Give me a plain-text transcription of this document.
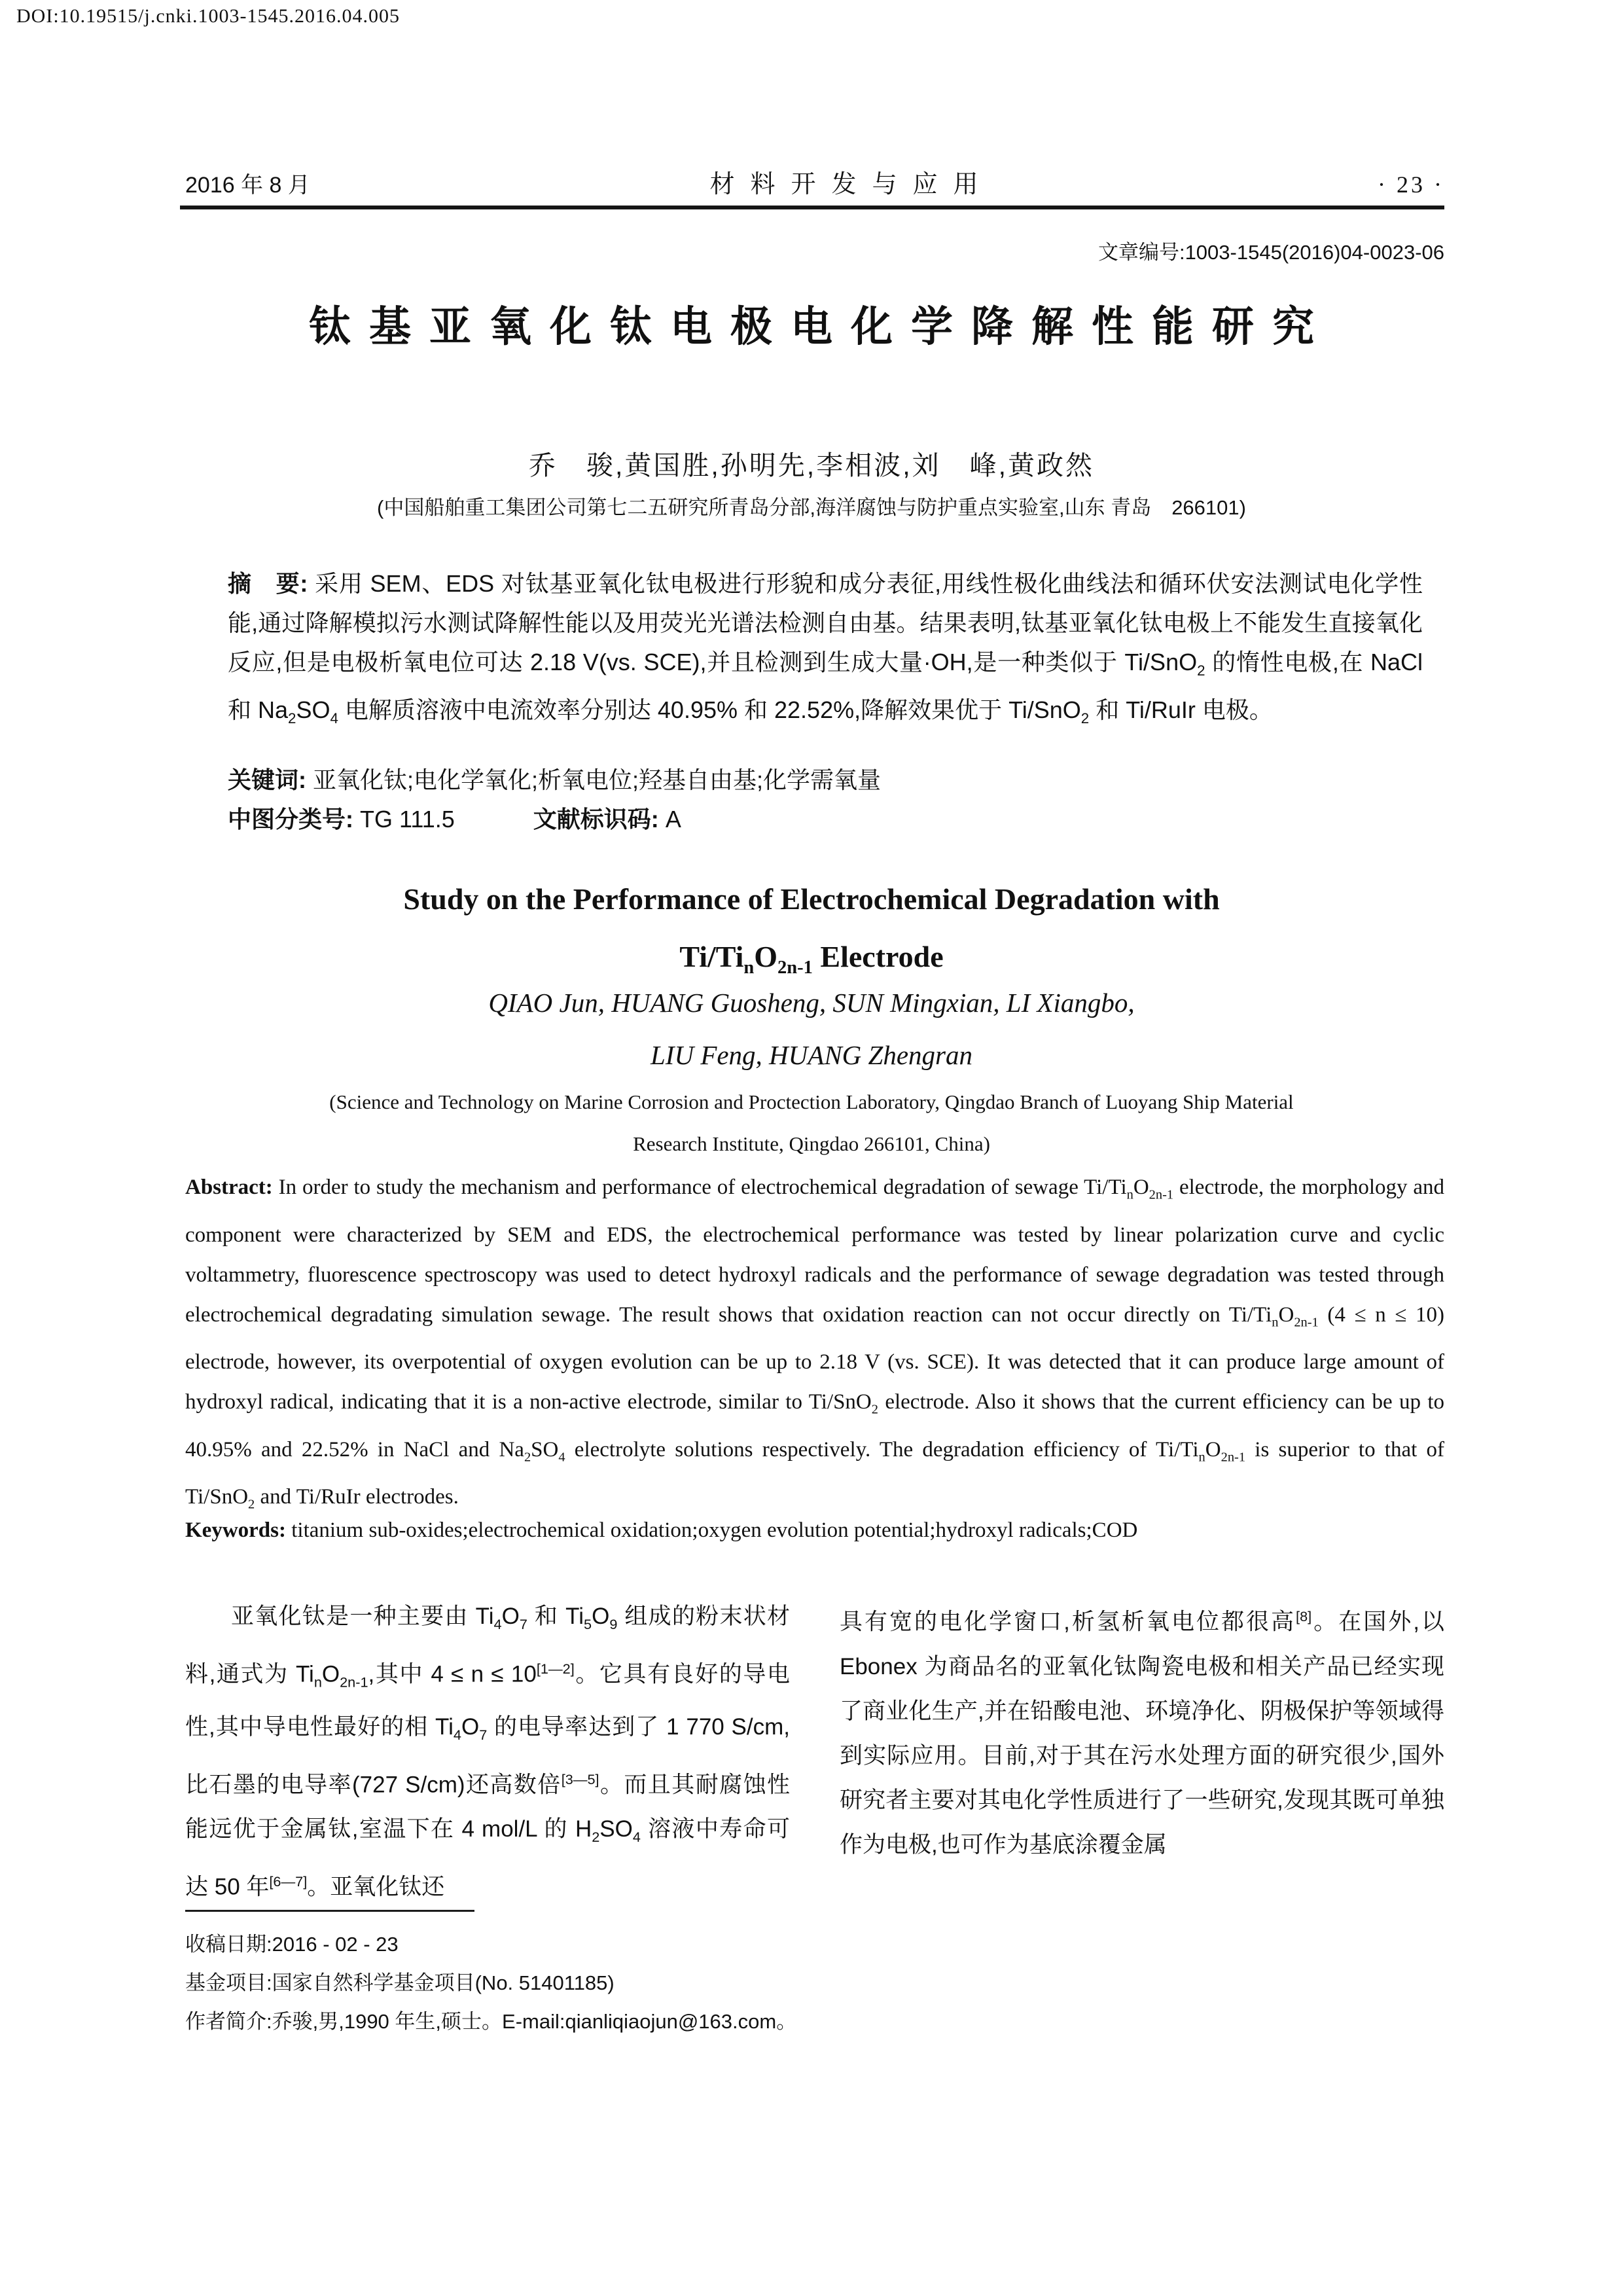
DOI:10.19515/j.cnki.1003-1545.2016.04.005
2016 年 8 月	材料开发与应用	· 23 ·
文章编号:1003-1545(2016)04-0023-06
钛基亚氧化钛电极电化学降解性能研究
乔　骏,黄国胜,孙明先,李相波,刘　峰,黄政然
(中国船舶重工集团公司第七二五研究所青岛分部,海洋腐蚀与防护重点实验室,山东 青岛　266101)
摘　要: 采用 SEM、EDS 对钛基亚氧化钛电极进行形貌和成分表征,用线性极化曲线法和循环伏安法测试电化学性能,通过降解模拟污水测试降解性能以及用荧光光谱法检测自由基。结果表明,钛基亚氧化钛电极上不能发生直接氧化反应,但是电极析氧电位可达 2.18 V(vs. SCE),并且检测到生成大量·OH,是一种类似于 Ti/SnO$_2$ 的惰性电极,在 NaCl 和 $Na_2SO_4$ 电解质溶液中电流效率分别达 40.95% 和 22.52%,降解效果优于 Ti/SnO$_2$ 和 Ti/RuIr 电极。
关键词: 亚氧化钛;电化学氧化;析氧电位;羟基自由基;化学需氧量
中图分类号: TG 111.5	文献标识码: A
Study on the Performance of Electrochemical Degradation with
$Ti/Ti_nO_{2n-1}$ Electrode
QIAO Jun, HUANG Guosheng, SUN Mingxian, LI Xiangbo,
LIU Feng, HUANG Zhengran
(Science and Technology on Marine Corrosion and Proctection Laboratory, Qingdao Branch of Luoyang Ship Material
Research Institute, Qingdao 266101, China)
Abstract: In order to study the mechanism and performance of electrochemical degradation of sewage $Ti/Ti_nO_{2n-1}$ electrode, the morphology and component were characterized by SEM and EDS, the electrochemical performance was tested by linear polarization curve and cyclic voltammetry, fluorescence spectroscopy was used to detect hydroxyl radicals and the performance of sewage degradation was tested through electrochemical degradating simulation sewage. The result shows that oxidation reaction can not occur directly on $Ti/Ti_nO_{2n-1}$ (4 ≤ n ≤ 10) electrode, however, its overpotential of oxygen evolution can be up to 2.18 V (vs. SCE). It was detected that it can produce large amount of hydroxyl radical, indicating that it is a non-active electrode, similar to Ti/SnO$_2$ electrode. Also it shows that the current efficiency can be up to 40.95% and 22.52% in NaCl and $Na_2SO_4$ electrolyte solutions respectively. The degradation efficiency of $Ti/Ti_nO_{2n-1}$ is superior to that of Ti/SnO$_2$ and Ti/RuIr electrodes.
Keywords: titanium sub-oxides;electrochemical oxidation;oxygen evolution potential;hydroxyl radicals;COD
亚氧化钛是一种主要由 $Ti_4O_7$ 和 $Ti_5O_9$ 组成的粉末状材料,通式为 $Ti_nO_{2n-1}$,其中 4 ≤ n ≤ 10[1—2]。它具有良好的导电性,其中导电性最好的相 $Ti_4O_7$ 的电导率达到了 1 770 S/cm,比石墨的电导率(727 S/cm)还高数倍[3—5]。而且其耐腐蚀性能远优于金属钛,室温下在 4 mol/L 的 $H_2SO_4$ 溶液中寿命可达 50 年[6—7]。亚氧化钛还
具有宽的电化学窗口,析氢析氧电位都很高[8]。在国外,以 Ebonex 为商品名的亚氧化钛陶瓷电极和相关产品已经实现了商业化生产,并在铅酸电池、环境净化、阴极保护等领域得到实际应用。目前,对于其在污水处理方面的研究很少,国外研究者主要对其电化学性质进行了一些研究,发现其既可单独作为电极,也可作为基底涂覆金属
收稿日期:2016 - 02 - 23
基金项目:国家自然科学基金项目(No. 51401185)
作者简介:乔骏,男,1990 年生,硕士。E-mail:qianliqiaojun@163.com。
